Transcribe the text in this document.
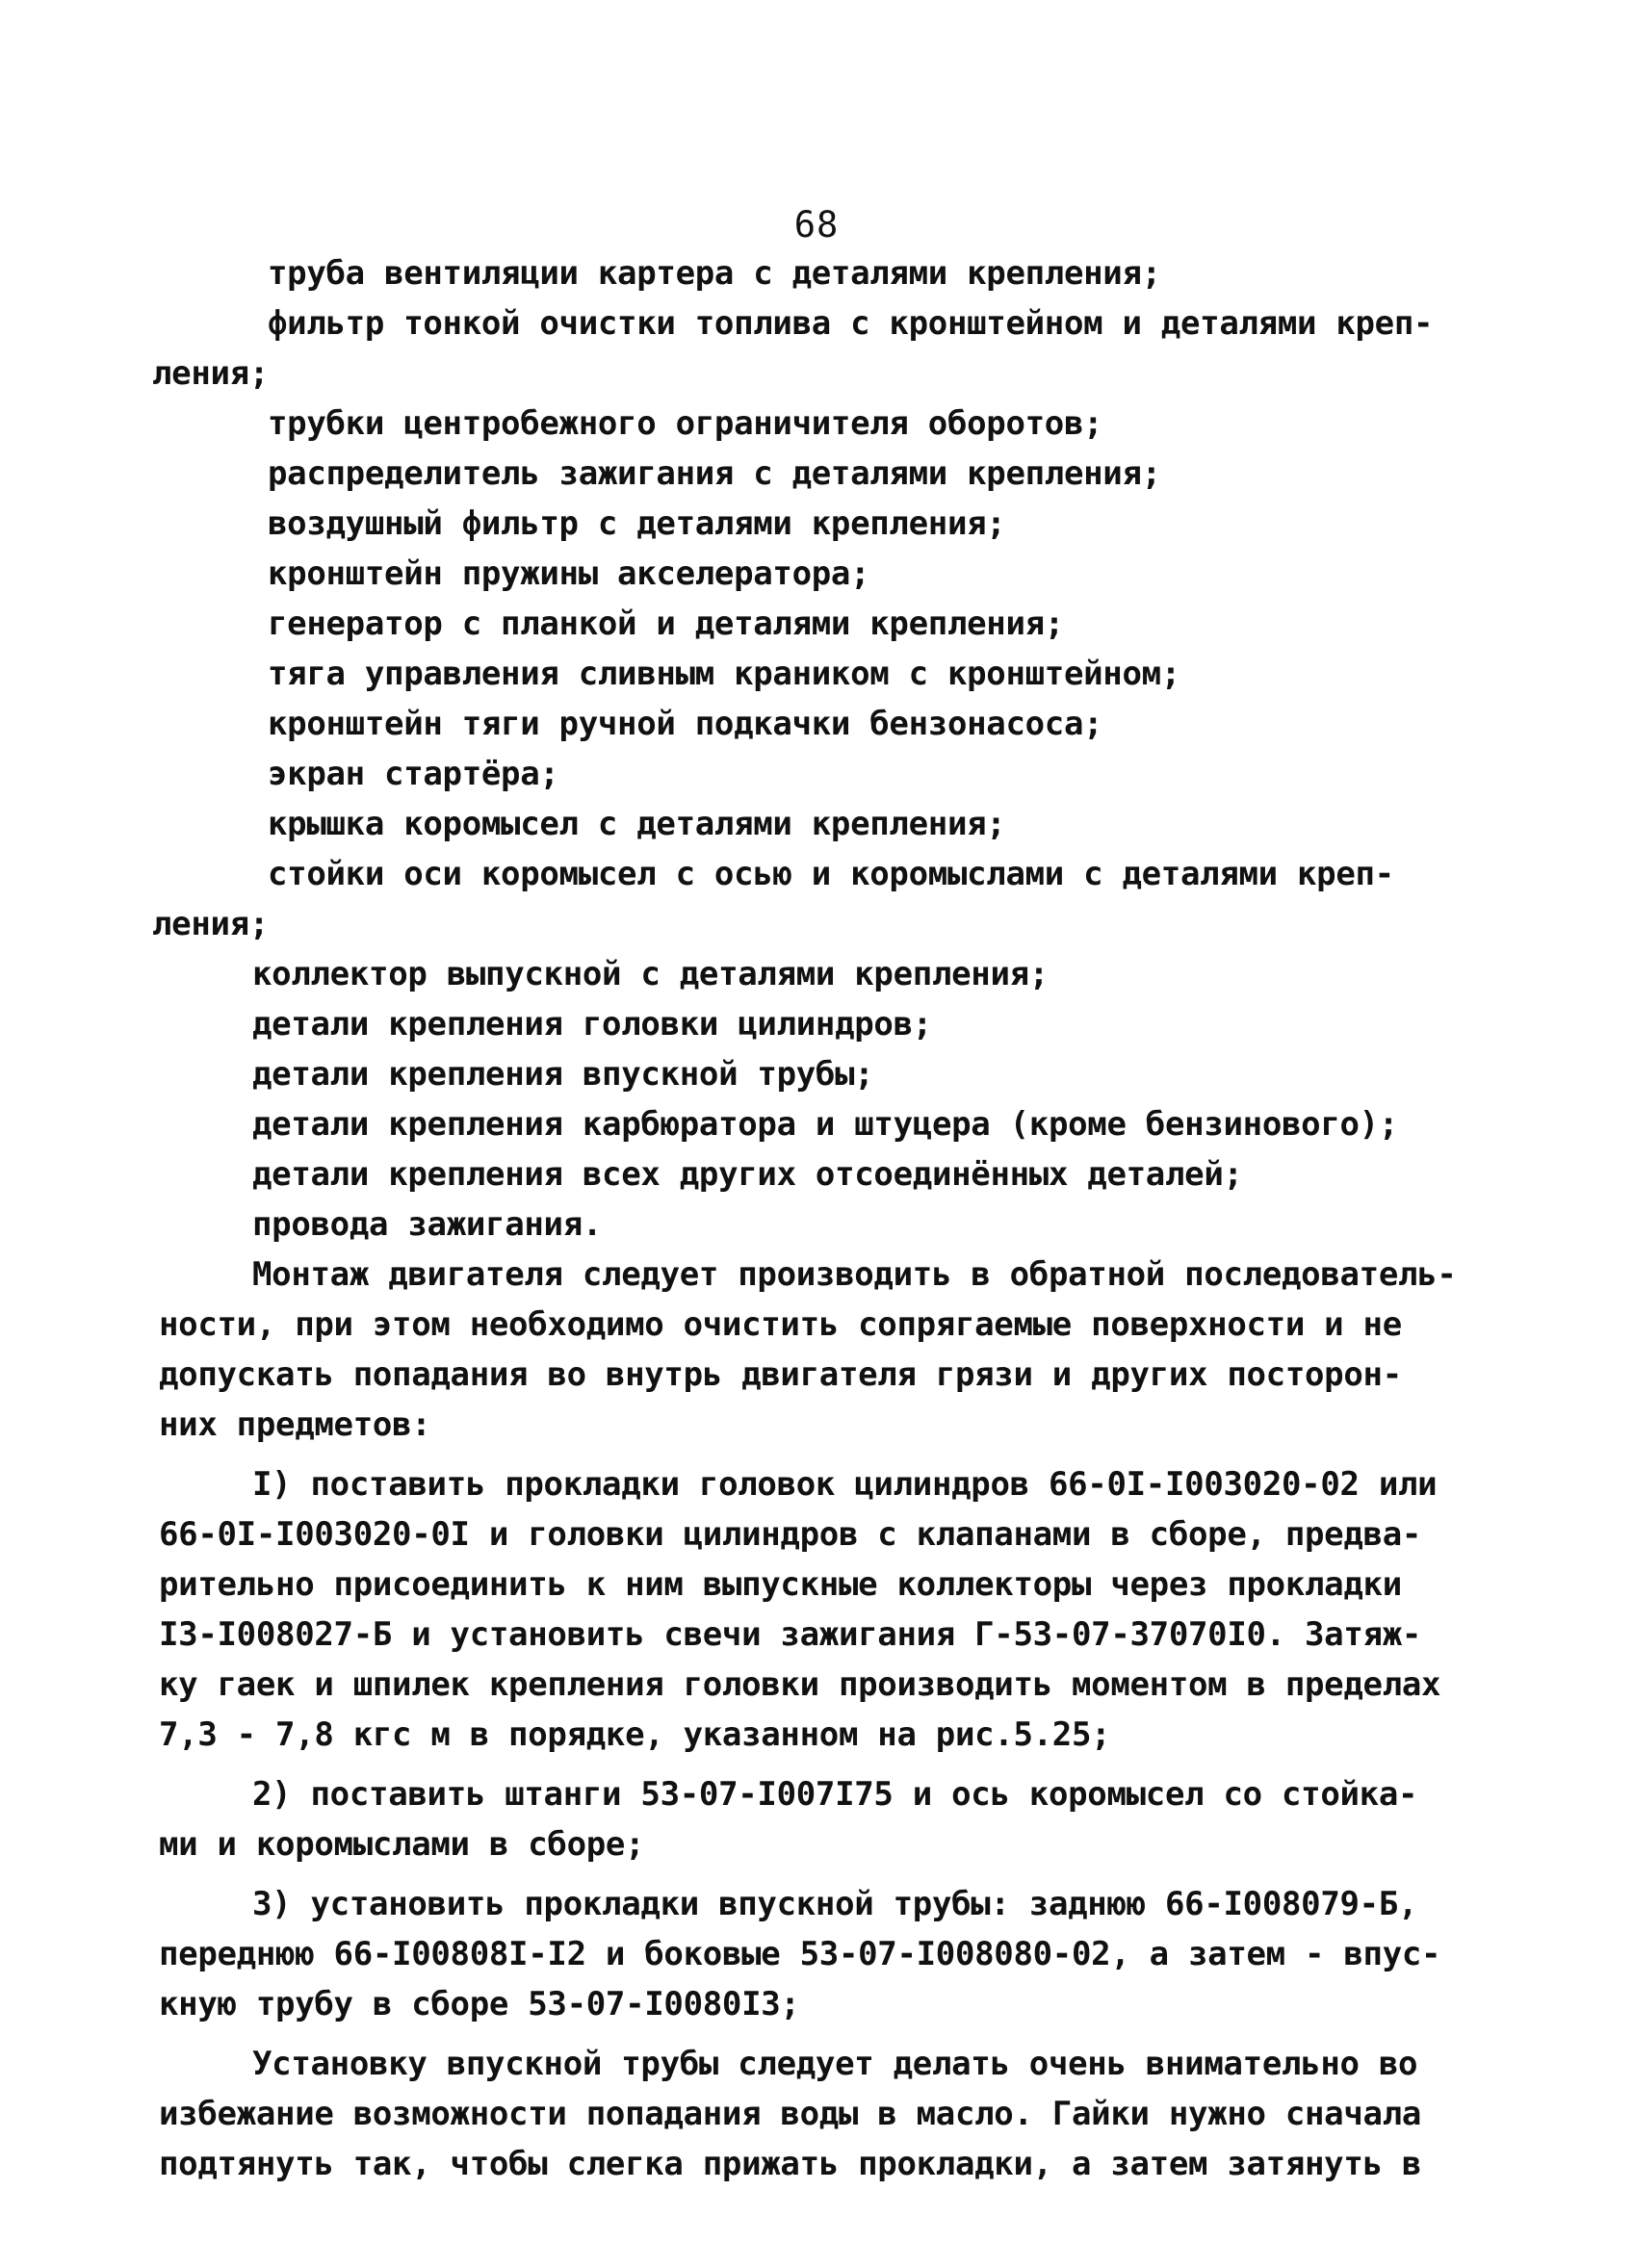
68
труба вентиляции картера с деталями крепления;
фильтр тонкой очистки топлива с кронштейном и деталями креп-
ления;
трубки центробежного ограничителя оборотов;
распределитель зажигания с деталями крепления;
воздушный фильтр с деталями крепления;
кронштейн пружины акселератора;
генератор с планкой и деталями крепления;
тяга управления сливным краником с кронштейном;
кронштейн тяги ручной подкачки бензонасоса;
экран стартёра;
крышка коромысел с деталями крепления;
стойки оси коромысел с осью и коромыслами с деталями креп-
ления;
коллектор выпускной с деталями крепления;
детали крепления головки цилиндров;
детали крепления впускной трубы;
детали крепления карбюратора и штуцера (кроме бензинового);
детали крепления всех других отсоединённых деталей;
провода зажигания.
Монтаж двигателя следует производить в обратной последователь-
ности, при этом необходимо очистить сопрягаемые поверхности и не
допускать попадания во внутрь двигателя грязи и других посторон-
них предметов:
I) поставить прокладки головок цилиндров 66-0I-I003020-02 или
66-0I-I003020-0I и головки цилиндров с клапанами в сборе, предва-
рительно присоединить к ним выпускные коллекторы через прокладки
I3-I008027-Б и установить свечи зажигания Г-53-07-37070I0. Затяж-
ку гаек и шпилек крепления головки производить моментом в пределах
7,3 - 7,8 кгс м в порядке, указанном на рис.5.25;
2) поставить штанги 53-07-I007I75 и ось коромысел со стойка-
ми и коромыслами в сборе;
3) установить прокладки впускной трубы: заднюю 66-I008079-Б,
переднюю 66-I00808I-I2 и боковые 53-07-I008080-02, а затем - впус-
кную трубу в сборе 53-07-I0080I3;
Установку впускной трубы следует делать очень внимательно во
избежание возможности попадания воды в масло. Гайки нужно сначала
подтянуть так, чтобы слегка прижать прокладки, а затем затянуть в
